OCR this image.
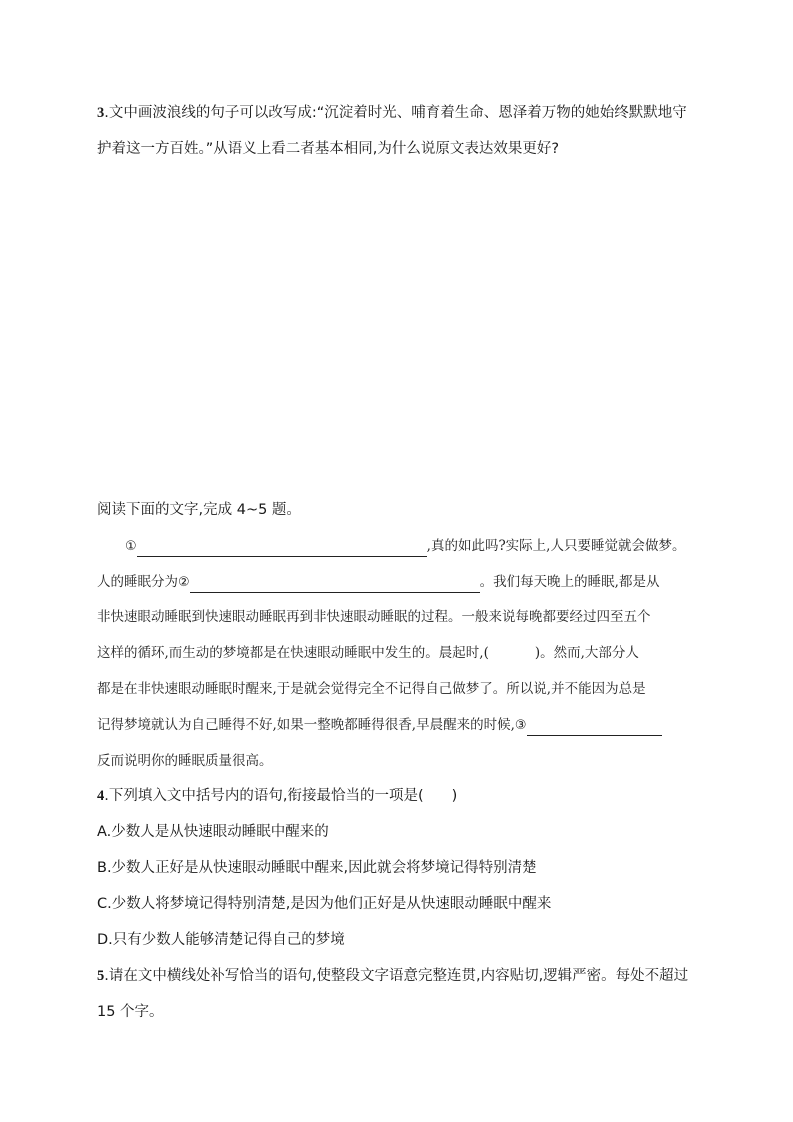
3.文中画波浪线的句子可以改写成:“沉淀着时光、哺育着生命、恩泽着万物的她始终默默地守
护着这一方百姓。”从语义上看二者基本相同,为什么说原文表达效果更好?
阅读下面的文字,完成 4~5 题。
①	,真的如此吗?实际上,人只要睡觉就会做梦。
人的睡眠分为②	。我们每天晚上的睡眠,都是从
非快速眼动睡眠到快速眼动睡眠再到非快速眼动睡眠的过程。一般来说每晚都要经过四至五个
这样的循环,而生动的梦境都是在快速眼动睡眠中发生的。晨起时,(	)。然而,大部分人
都是在非快速眼动睡眠时醒来,于是就会觉得完全不记得自己做梦了。所以说,并不能因为总是
记得梦境就认为自己睡得不好,如果一整晚都睡得很香,早晨醒来的时候,③
反而说明你的睡眠质量很高。
4.下列填入文中括号内的语句,衔接最恰当的一项是( )
A.少数人是从快速眼动睡眠中醒来的
B.少数人正好是从快速眼动睡眠中醒来,因此就会将梦境记得特别清楚
C.少数人将梦境记得特别清楚,是因为他们正好是从快速眼动睡眠中醒来
D.只有少数人能够清楚记得自己的梦境
5.请在文中横线处补写恰当的语句,使整段文字语意完整连贯,内容贴切,逻辑严密。每处不超过
15 个字。
